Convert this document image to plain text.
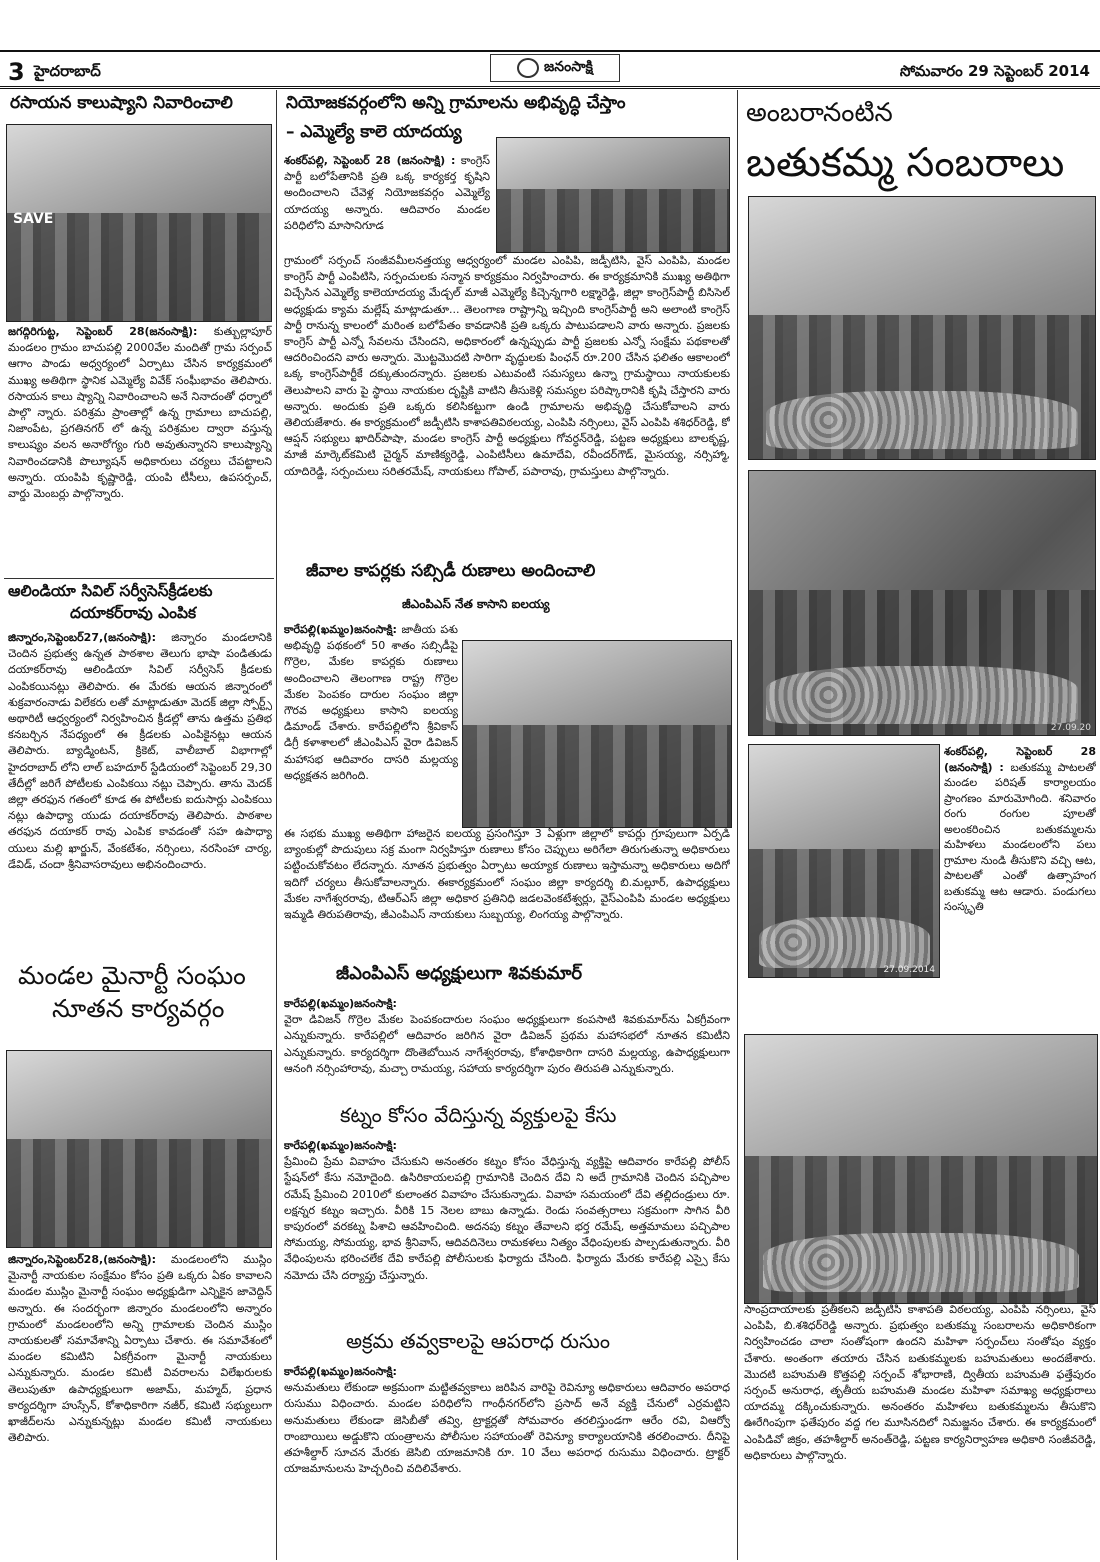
3 హైదరాబాద్‌	జనంసాక్షి	సోమవారం 29 సెప్టెంబర్‌ 2014
రసాయన కాలుష్యాని నివారించాలి
SAVE
జగద్గిరిగుట్ట, సెప్టెంబర్‌ 28(జనంసాక్షి): కుత్బుల్లాపూర్‌ మండలం గ్రామం బాచుపల్లి 2000వేల మందితో గ్రామ సర్పంచ్‌ ఆగాం పాండు అధ్వర్యంలో ఏర్పాటు చేసిన కార్యక్రమంలో ముఖ్య అతిథిగా స్థానిక ఎమ్మెల్యే వివేక్‌ సంఘీభావం తెలిపారు. రసాయన కాలు ష్యాన్ని నివారించాలని అనే నినాదంతో ధర్నాలో పాల్గొ న్నారు. పరిశ్రమ ప్రాంతాల్లో ఉన్న గ్రామాలు బాచుపల్లి, నిజాంపేట, ప్రగతినగర్‌ లో ఉన్న పరిశ్రమల ద్వారా వస్తున్న కాలుష్యం వలన అనారోగ్యం గురి అవుతున్నారని కాలుష్యాన్ని నివారించడానికి పొల్యూషన్‌ అధికారులు చర్యలు చేపట్టాలని అన్నారు. యంపిపి కృష్ణారెడ్డి, యంపి టీసీలు, ఉపసర్పంచ్‌, వార్డు మెంబర్లు పాల్గొన్నారు.
ఆలిండియా సివిల్‌ సర్వీసెస్‌క్రీడలకు
దయాకర్‌రావు ఎంపిక
జిన్నారం,సెప్టెంబర్‌27,(జనంసాక్షి): జిన్నారం మండలానికి చెందిన ప్రభుత్వ ఉన్నత పాఠశాల తెలుగు భాషా పండితుడు దయాకర్‌రావు ఆలిండియా సివిల్‌ సర్వీసెస్‌ క్రీడలకు ఎంపికయినట్లు తెలిపారు. ఈ మేరకు ఆయన జిన్నారంలో శుక్రవారంనాడు విలేకరు లతో మాట్లాడుతూ మెదక్‌ జిల్లా స్పోర్ట్స్‌ అథారిటీ ఆధ్వర్యంలో నిర్వహించిన క్రీడల్లో తాను ఉత్తమ ప్రతిభ కనబర్చిన నేపధ్యంలో ఈ క్రీడలకు ఎంపికైనట్లు ఆయన తెలిపారు. బ్యాడ్మింటన్‌, క్రికెట్‌, వాలీబాల్‌ విభాగాల్లో హైదరాబాద్‌ లోని లాల్‌ బహదూర్‌ స్టేడియంలో సెప్టెంబర్‌ 29,30 తేదీల్లో జరిగే పోటీలకు ఎంపికయి నట్లు చెప్పారు. తాను మెదక్‌ జిల్లా తరఫున గతంలో కూడ ఈ పోటీలకు ఐదుసార్లు ఎంపికయి నట్లు ఉపాధ్యా యుడు దయాకర్‌రావు తెలిపారు. పాఠశాల తరఫున దయాకర్‌ రావు ఎంపిక కావడంతో సహ ఉపాధ్యా యులు మల్లి ఖార్జున్‌, వేంకటేశం, నర్సింలు, నరసింహా చార్య, డేవిడ్‌, చందా శ్రీనివాసరావులు అభినందించారు.
మండల మైనార్టీ సంఘం
నూతన కార్యవర్గం
జిన్నారం,సెప్టెంబర్‌28,(జనంసాక్షి): మండలంలోని ముస్లిం మైనార్టీ నాయకుల సంక్షేమం కోసం ప్రతి ఒక్కరు ఏకం కావాలని మండల ముస్లిం మైనార్టీ సంఘం అధ్యక్షుడిగా ఎన్నికైన జావెద్దిన్‌ అన్నారు. ఈ సందర్భంగా జిన్నారం మండలంలోని అన్నారం గ్రామంలో మండలంలోని అన్ని గ్రామాలకు చెందిన ముస్లిం నాయకులతో సమావేశాన్ని ఏర్పాటు చేశారు. ఈ సమావేశంలో మండల కమిటిని ఏకగ్రీవంగా మైనార్టీ నాయకులు ఎన్నుకున్నారు. మండల కమిటీ వివరాలను విలేఖరులకు తెలుపుతూ ఉపాధ్యక్షులుగా అజామ్‌, మహ్మద్‌, ప్రధాన కార్యదర్శిగా హుస్సేన్‌, కోశాధికారిగా నజీర్‌, కమిటి సభ్యులుగా ఖాజీద్‌లను ఎన్నుకున్నట్లు మండల కమిటీ నాయకులు తెలిపారు.
నియోజకవర్గంలోని అన్ని గ్రామాలను అభివృద్ధి చేస్తాం
– ఎమ్మెల్యే కాలె యాదయ్య
శంకర్‌పల్లి, సెప్టెంబర్‌ 28 (జనంసాక్షి) : కాంగ్రెస్‌ పార్టీ బలోపేతానికి ప్రతి ఒక్క కార్యకర్త కృషిని అందించాలని చేవెళ్ల నియోజకవర్గం ఎమ్మెల్యే యాదయ్య అన్నారు. ఆదివారం మండల పరిధిలోని మాసానిగూడ
గ్రామంలో సర్పంచ్‌ సంజీవమీలనత్తయ్య ఆధ్వర్యంలో మండల ఎంపిపి, జడ్పీటిసి, వైస్‌ ఎంపిపి, మండల కాంగ్రెస్‌ పార్టీ ఎంపిటిసి, సర్పంచులకు సన్మాన కార్యక్రమం నిర్వహించారు. ఈ కార్యక్రమానికి ముఖ్య అతిథిగా విచ్చేసిన ఎమ్మెల్యే కాలెయాదయ్య మేడ్చల్‌ మాజీ ఎమ్మెల్యే కిచ్చెన్నగారి లక్ష్మారెడ్డి, జిల్లా కాంగ్రెస్‌పార్టీ బిసిసెల్‌ అధ్యక్షుడు క్యామ మల్లేష్‌ మాట్లాడుతూ... తెలంగాణ రాష్ట్రాన్ని ఇచ్చింది కాంగ్రెస్‌పార్టీ అని అలాంటి కాంగ్రెస్‌ పార్టీ రానున్న కాలంలో మరింత బలోపేతం కావడానికి ప్రతి ఒక్కరు పాటుపడాలని వారు అన్నారు. ప్రజలకు కాంగ్రెస్‌ పార్టీ ఎన్నో సేవలను చేసిందని, అధికారంలో ఉన్నప్పుడు పార్టీ ప్రజలకు ఎన్నో సంక్షేమ పథకాలతో ఆదరించిందని వారు అన్నారు. మొట్టమొదటి సారిగా వృద్ధులకు పింఛన్‌ రూ.200 చేసిన ఫలితం ఆకాలంలో ఒక్క కాంగ్రెస్‌పార్టీకే దక్కుతుందన్నారు. ప్రజలకు ఎటువంటి సమస్యలు ఉన్నా గ్రామస్థాయి నాయకులకు తెలుపాలని వారు పై స్థాయి నాయకుల దృష్టికి వాటిని తీసుకెళ్లి సమస్యల పరిష్కారానికి కృషి చేస్తారని వారు అన్నారు. అందుకు ప్రతి ఒక్కరు కలిసికట్టుగా ఉండి గ్రామాలను అభివృద్ధి చేసుకోవాలని వారు తెలియజేశారు. ఈ కార్యక్రమంలో జడ్పీటిసి కాశాపతివిఠలయ్య, ఎంపిపి నర్సింలు, వైస్‌ ఎంపిపి శశిధర్‌రెడ్డి, కో ఆప్షన్‌ సభ్యులు ఖాదిర్‌పాషా, మండల కాంగ్రెస్‌ పార్టీ అధ్యక్షులు గోవర్ధన్‌రెడ్డి, పట్టణ అధ్యక్షులు బాలకృష్ణ, మాజీ మార్కెట్‌కమిటి చైర్మన్‌ మాణిక్యరెడ్డి, ఎంపిటిసీలు ఉమాదేవి, రవీందర్‌గౌడ్‌, మైసయ్య, నర్సిహ్మా, యాదిరెడ్డి, సర్పంచులు సరితరమేష్‌, నాయకులు గోపాల్‌, పపారావు, గ్రామస్తులు పాల్గొన్నారు.
జీవాల కాపర్లకు సబ్సిడీ రుణాలు అందించాలి
జీఎంపిఎస్‌ నేత కాసాని ఐలయ్య
కారేపల్లి(ఖమ్మం)జనంసాక్షి: జాతీయ పశు అభివృద్ధి పథకంలో 50 శాతం సబ్సిడీపై గొర్రెల, మేకల కాపర్లకు రుణాలు అందించాలని తెలంగాణ రాష్ట్ర గొర్రెల మేకల పెంపకం దారుల సంఘం జిల్లా గౌరవ అధ్యక్షులు కాసాని ఐలయ్య డిమాండ్‌ చేశారు. కారేపల్లిలోని శ్రీవికాస్‌ డిగ్రీ కళాశాలలో జీఎంపిఎస్‌ వైరా డివిజన్‌ మహాసభ ఆదివారం దాసరి మల్లయ్య అధ్యక్షతన జరిగింది.
ఈ సభకు ముఖ్య అతిథిగా హాజరైన ఐలయ్య ప్రసంగిస్తూ 3 ఏళ్లుగా జిల్లాలో కాపర్లు గ్రూపులుగా ఏర్పడి బ్యాంకుల్లో పొదుపులు సక్ర మంగా నిర్వహిస్తూ రుణాలు కోసం చెప్పులు అరిగేలా తిరుగుతున్నా అధికారులు పట్టించుకోవటం లేదన్నారు. నూతన ప్రభుత్వం ఏర్పాటు అయ్యాక రుణాలు ఇస్తామన్నా అధికారులు అదిగో ఇదిగో చర్యలు తీసుకోవాలన్నారు. ఈకార్యక్రమంలో సంఘం జిల్లా కార్యదర్శి బి.మల్లూర్‌, ఉపాధ్యక్షులు మేకల నాగేశ్వరరావు, టిఆర్‌ఎస్‌ జిల్లా అధికార ప్రతినిధి జడలవెంకటేశ్వర్లు, వైస్‌ఎంపిపి మండల అధ్యక్షులు ఇమ్మడి తిరుపతిరావు, జీఎంపిఎస్‌ నాయకులు సుబ్బయ్య, లింగయ్య పాల్గొన్నారు.
జీఎంపిఎస్‌ అధ్యక్షులుగా శివకుమార్‌
కారేపల్లి(ఖమ్మం)జనంసాక్షి:
వైరా డివిజన్‌ గొర్రెల మేకల పెంపకందారుల సంఘం అధ్యక్షులుగా కంపసాటి శివకుమార్‌ను ఏకగ్రీవంగా ఎన్నుకున్నారు. కారేపల్లిలో ఆదివారం జరిగిన వైరా డివిజన్‌ ప్రథమ మహాసభలో నూతన కమిటీని ఎన్నుకున్నారు. కార్యదర్శిగా దొంతెబోయిన నాగేశ్వరరావు, కోశాధికారిగా దాసరి మల్లయ్య, ఉపాధ్యక్షులుగా ఆనంగి నర్సింహారావు, మచ్చా రామయ్య, సహాయ కార్యదర్శిగా పురం తిరుపతి ఎన్నుకున్నారు.
కట్నం కోసం వేదిస్తున్న వ్యక్తులపై కేసు
కారేపల్లి(ఖమ్మం)జనంసాక్షి:
ప్రేమించి ప్రేమ వివాహం చేసుకుని అనంతరం కట్నం కోసం వేధిస్తున్న వ్యక్తిపై ఆదివారం కారేపల్లి పోలీస్‌ స్టేషన్‌లో కేసు నమోదైంది. ఉసిరికాయలపల్లి గ్రామానికి చెందిన దేవి ని అదే గ్రామానికి చెందిన పచ్చిపాల రమేష్‌ ప్రేమించి 2010లో కులాంతర వివాహం చేసుకున్నాడు. వివాహ సమయంలో దేవి తల్లిదండ్రులు రూ. లక్షన్నర కట్నం ఇచ్చారు. వీరికి 15 నెలల బాబు ఉన్నాడు. రెండు సంవత్సరాలు సక్రమంగా సాగిన వీరి కాపురంలో వరకట్న పిశాచి ఆవహించింది. అదనపు కట్నం తేవాలని భర్త రమేష్‌, అత్తమామలు పచ్చిపాల సోమయ్య, సోమయ్య, భావ శ్రీనివాస్‌, ఆదివదినెలు రామకళలు నిత్యం వేధింపులకు పాల్పడుతున్నారు. వీరి వేధింపులను భరించలేక దేవి కారేపల్లి పోలీసులకు ఫిర్యాదు చేసింది. ఫిర్యాదు మేరకు కారేపల్లి ఎస్సై కేసు నమోదు చేసి దర్యాప్తు చేస్తున్నారు.
అక్రమ తవ్వకాలపై ఆపరాధ రుసుం
కారేపల్లి(ఖమ్మం)జనంసాక్షి:
అనుమతులు లేకుండా అక్రమంగా మట్టితవ్వకాలు జరిపిన వారిపై రెవిన్యూ అధికారులు ఆదివారం అపరాధ రుసుము విధించారు. మండల పరిధిలోని గాంధీనగర్‌లోని ప్రసాద్‌ అనే వ్యక్తి చేనులో ఎర్రమట్టిని అనుమతులు లేకుండా జెసిబీతో తవ్వి, ట్రాక్టర్లతో సోమవారం తరలిస్తుండగా ఆరేం రవి, విఆర్వో రాంబాయిలు అడ్డుకొని యంత్రాలను పోలీసుల సహాయంతో రెవిన్యూ కార్యాలయానికి తరలించారు. దీనిపై తహశీల్దార్‌ సూచన మేరకు జెసిబి యాజమానికి రూ. 10 వేలు అపరాధ రుసుము విధించారు. ట్రాక్టర్‌ యాజమానులను హెచ్చరించి వదిలివేశారు.
అంబరానంటిన
బతుకమ్మ సంబరాలు
27.09.20
27.09.2014
శంకర్‌పల్లి, సెప్టెంబర్‌ 28 (జనంసాక్షి) : బతుకమ్మ పాటలతో మండల పరిషత్‌ కార్యాలయం ప్రాంగణం మారుమోగింది. శనివారం రంగు రంగుల పూలతో అలంకరించిన బతుకమ్మలను మహిళలు మండలంలోని పలు గ్రామాల నుండి తీసుకొని వచ్చి ఆట, పాటలతో ఎంతో ఉత్సాహంగ బతుకమ్మ ఆట ఆడారు. పండుగలు సంస్కృతి
సాంప్రదాయాలకు ప్రతీకలని జడ్పీటిసి కాశాపతి విఠలయ్య, ఎంపిపి నర్సింలు, వైస్‌ ఎంపిపి, బి.శశిధర్‌రెడ్డి అన్నారు. ప్రభుత్వం బతుకమ్మ సంబరాలను అధికారికంగా నిర్వహించడం చాలా సంతోషంగా ఉందని మహిళా సర్పంచ్‌లు సంతోషం వ్యక్తం చేశారు. అంతంగా తయారు చేసిన బతుకమ్మలకు బహుమతులు అందజేశారు. మొదటి బహుమతి కొత్తపల్లి సర్పంచ్‌ శోభారాణి, ద్వితీయ బహుమతి ఫత్తేపురం సర్పంచ్‌ అనురాధ, తృతీయ బహుమతి మండల మహిళా సమాఖ్య అధ్యక్షురాలు యాదమ్మ దక్కించుకున్నారు. అనంతరం మహిళలు బతుకమ్మలను తీసుకొని ఊరేగింపుగా ఫతేపురం వద్ద గల మూసినదిలో నిమజ్జనం చేశారు. ఈ కార్యక్రమంలో ఎంపిడివో జిక్రం, తహశీల్దార్‌ అనంత్‌రెడ్డి, పట్టణ కార్యనిర్వాహణ అధికారి సంజీవరెడ్డి, అధికారులు పాల్గొన్నారు.
